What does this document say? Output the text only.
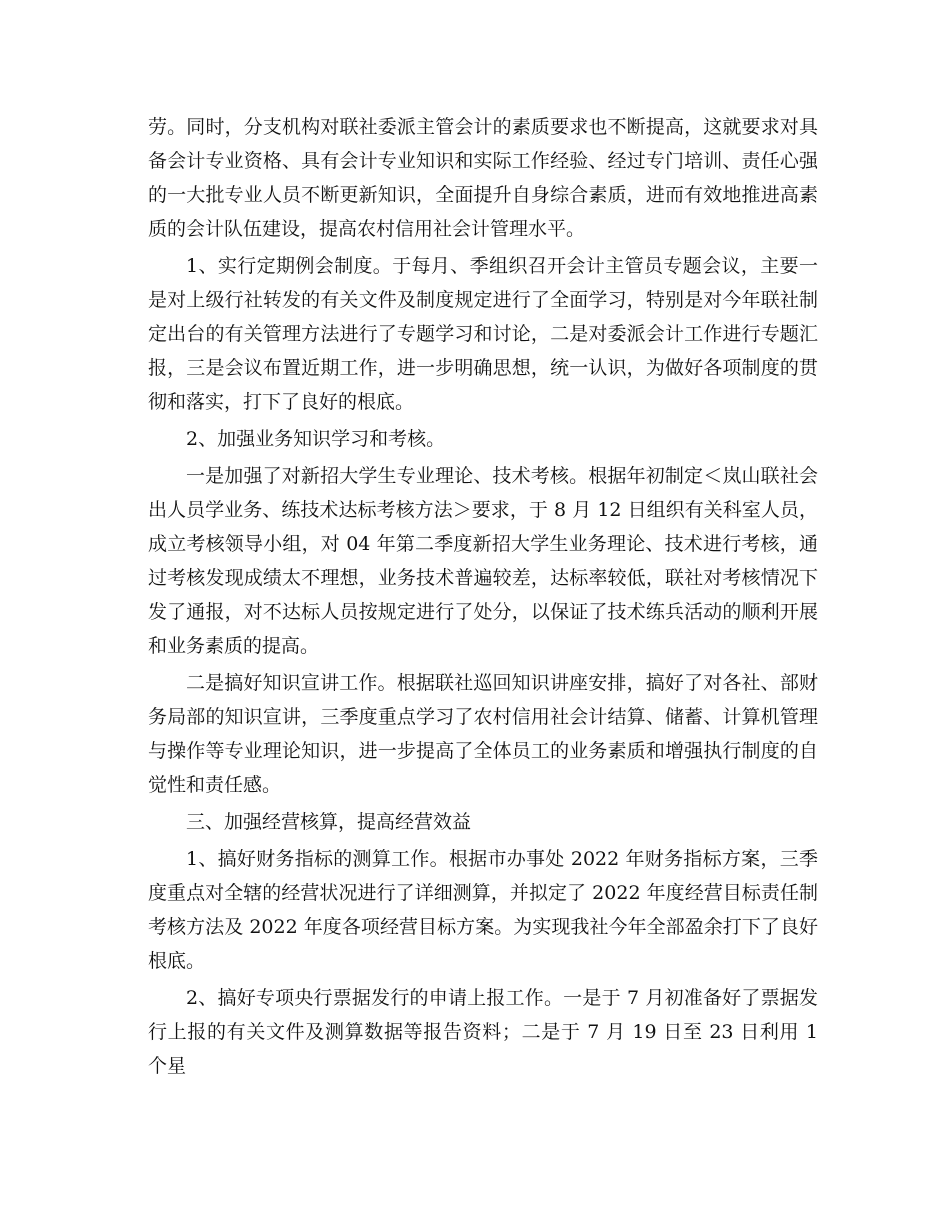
劳。同时，分支机构对联社委派主管会计的素质要求也不断提高，这就要求对具备会计专业资格、具有会计专业知识和实际工作经验、经过专门培训、责任心强的一大批专业人员不断更新知识，全面提升自身综合素质，进而有效地推进高素质的会计队伍建设，提高农村信用社会计管理水平。

1、实行定期例会制度。于每月、季组织召开会计主管员专题会议，主要一是对上级行社转发的有关文件及制度规定进行了全面学习，特别是对今年联社制定出台的有关管理方法进行了专题学习和讨论，二是对委派会计工作进行专题汇报，三是会议布置近期工作，进一步明确思想，统一认识，为做好各项制度的贯彻和落实，打下了良好的根底。

2、加强业务知识学习和考核。

一是加强了对新招大学生专业理论、技术考核。根据年初制定＜岚山联社会出人员学业务、练技术达标考核方法＞要求，于 8 月 12 日组织有关科室人员，成立考核领导小组，对 04 年第二季度新招大学生业务理论、技术进行考核，通过考核发现成绩太不理想，业务技术普遍较差，达标率较低，联社对考核情况下发了通报，对不达标人员按规定进行了处分，以保证了技术练兵活动的顺利开展和业务素质的提高。

二是搞好知识宣讲工作。根据联社巡回知识讲座安排，搞好了对各社、部财务局部的知识宣讲，三季度重点学习了农村信用社会计结算、储蓄、计算机管理与操作等专业理论知识，进一步提高了全体员工的业务素质和增强执行制度的自觉性和责任感。

三、加强经营核算，提高经营效益

1、搞好财务指标的测算工作。根据市办事处 2022 年财务指标方案，三季度重点对全辖的经营状况进行了详细测算，并拟定了 2022 年度经营目标责任制考核方法及 2022 年度各项经营目标方案。为实现我社今年全部盈余打下了良好根底。

2、搞好专项央行票据发行的申请上报工作。一是于 7 月初准备好了票据发行上报的有关文件及测算数据等报告资料；二是于 7 月 19 日至 23 日利用 1 个星
